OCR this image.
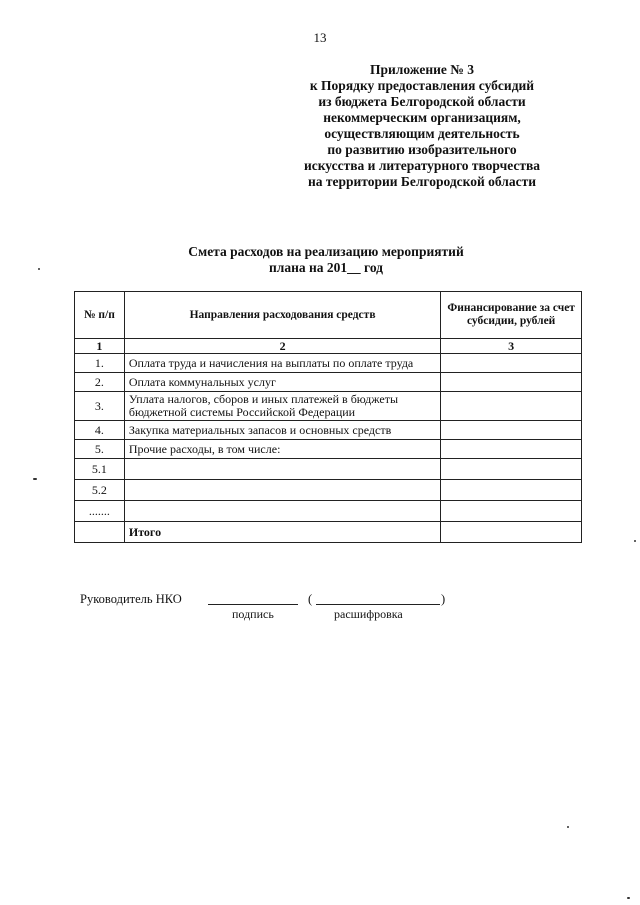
13
Приложение № 3
к Порядку предоставления субсидий
из бюджета Белгородской области
некоммерческим организациям,
осуществляющим деятельность
по развитию изобразительного
искусства и литературного творчества
на территории Белгородской области
Смета расходов на реализацию мероприятий
плана на 201__ год
№ п/п	Направления расходования средств	Финансирование за счет субсидии, рублей
1	2	3
1.	Оплата труда и начисления на выплаты по оплате труда	
2.	Оплата коммунальных услуг	
3.	Уплата налогов, сборов и иных платежей в бюджеты бюджетной системы Российской Федерации	
4.	Закупка материальных запасов и основных средств	
5.	Прочие расходы, в том числе:	
5.1		
5.2		
.......		
	Итого	
Руководитель НКО	(	)
подпись	расшифровка
